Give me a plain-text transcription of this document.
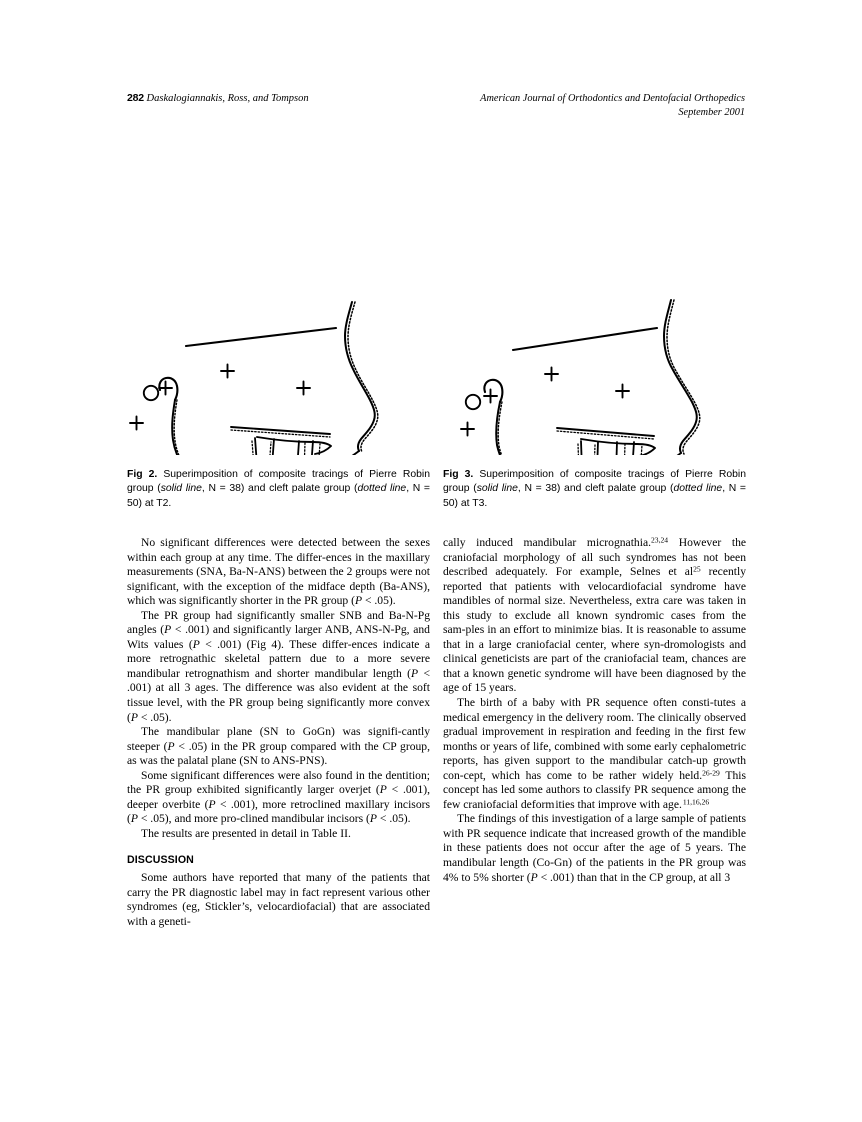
282 Daskalogiannakis, Ross, and Tompson	American Journal of Orthodontics and Dentofacial Orthopedics
September 2001
Fig 2. Superimposition of composite tracings of Pierre Robin group (solid line, N = 38) and cleft palate group (dotted line, N = 50) at T2.
Fig 3. Superimposition of composite tracings of Pierre Robin group (solid line, N = 38) and cleft palate group (dotted line, N = 50) at T3.

No significant differences were detected between the sexes within each group at any time. The differ‑ences in the maxillary measurements (SNA, Ba-N-ANS) between the 2 groups were not significant, with the exception of the midface depth (Ba-ANS), which was significantly shorter in the PR group (P < .05).

The PR group had significantly smaller SNB and Ba-N-Pg angles (P < .001) and significantly larger ANB, ANS-N-Pg, and Wits values (P < .001) (Fig 4). These differ‑ences indicate a more retrognathic skeletal pattern due to a more severe mandibular retrognathism and shorter mandibular length (P < .001) at all 3 ages. The difference was also evident at the soft tissue level, with the PR group being significantly more convex (P < .05).

The mandibular plane (SN to GoGn) was signifi‑cantly steeper (P < .05) in the PR group compared with the CP group, as was the palatal plane (SN to ANS-PNS).

Some significant differences were also found in the dentition; the PR group exhibited significantly larger overjet (P < .001), deeper overbite (P < .001), more retroclined maxillary incisors (P < .05), and more pro‑clined mandibular incisors (P < .05).

The results are presented in detail in Table II.

DISCUSSION

Some authors have reported that many of the patients that carry the PR diagnostic label may in fact represent various other syndromes (eg, Stickler’s, velocardiofacial) that are associated with a geneti-

cally induced mandibular micrognathia.$^{23,24}$ However the craniofacial morphology of all such syndromes has not been described adequately. For example, Selnes et $al^{25}$ recently reported that patients with velocardiofacial syndrome have mandibles of normal size. Nevertheless, extra care was taken in this study to exclude all known syndromic cases from the sam‑ples in an effort to minimize bias. It is reasonable to assume that in a large craniofacial center, where syn‑dromologists and clinical geneticists are part of the craniofacial team, chances are that a known genetic syndrome will have been diagnosed by the age of 15 years.

The birth of a baby with PR sequence often consti‑tutes a medical emergency in the delivery room. The clinically observed gradual improvement in respiration and feeding in the first few months or years of life, combined with some early cephalometric reports, has given support to the mandibular catch-up growth con‑cept, which has come to be rather widely held.$^{26-29}$ This concept has led some authors to classify PR sequence among the few craniofacial deform ities that improve with age. $^{11,16,26}$

The findings of this investigation of a large sample of patients with PR sequence indicate that increased growth of the mandible in these patients does not occur after the age of 5 years. The mandibular length (Co-Gn) of the patients in the PR group was 4% to 5% shorter (P < .001) than that in the CP group, at all 3
